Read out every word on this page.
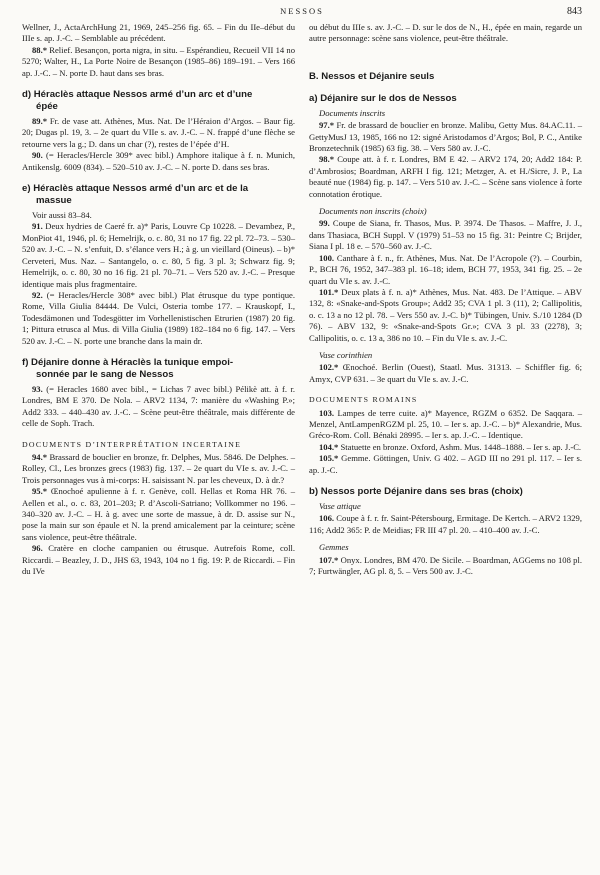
NESSOS	843

Wellner, J., ActaArchHung 21, 1969, 245–256 fig. 65. – Fin du IIe–début du IIIe s. ap. J.-C. – Semblable au précédent.

88.* Relief. Besançon, porta nigra, in situ. – Espérandieu, Recueil VII 14 no 5270; Walter, H., La Porte Noire de Besançon (1985–86) 189–191. – Vers 166 ap. J.-C. – N. porte D. haut dans ses bras.

d) Héraclès attaque Nessos armé d’un arc et d’une
épée

89.* Fr. de vase att. Athènes, Mus. Nat. De l’Héraion d’Argos. – Baur fig. 20; Dugas pl. 19, 3. – 2e quart du VIIe s. av. J.-C. – N. frappé d’une flèche se retourne vers la g.; D. dans un char (?), restes de l’épée d’H.

90. (= Heracles/Hercle 309* avec bibl.) Amphore italique à f. n. Munich, Antikenslg. 6009 (834). – 520–510 av. J.-C. – N. porte D. dans ses bras.

e) Héraclès attaque Nessos armé d’un arc et de la
massue

Voir aussi 83–84.

91. Deux hydries de Caeré fr. a)* Paris, Louvre Cp 10228. – Devambez, P., MonPiot 41, 1946, pl. 6; Hemelrijk, o. c. 80, 31 no 17 fig. 22 pl. 72–73. – 530–520 av. J.-C. – N. s’enfuit, D. s’élance vers H.; à g. un vieillard (Oineus). – b)* Cerveteri, Mus. Naz. – Santangelo, o. c. 80, 5 fig. 3 pl. 3; Schwarz fig. 9; Hemelrijk, o. c. 80, 30 no 16 fig. 21 pl. 70–71. – Vers 520 av. J.-C. – Presque identique mais plus fragmentaire.

92. (= Heracles/Hercle 308* avec bibl.) Plat étrusque du type pontique. Rome, Villa Giulia 84444. De Vulci, Osteria tombe 177. – Krauskopf, I., Todesdämonen und Todesgötter im Vorhellenistischen Etrurien (1987) 20 fig. 1; Pittura etrusca al Mus. di Villa Giulia (1989) 182–184 no 6 fig. 147. – Vers 520 av. J.-C. – N. porte une branche dans la main dr.

f) Déjanire donne à Héraclès la tunique empoi-
sonnée par le sang de Nessos

93. (= Heracles 1680 avec bibl., = Lichas 7 avec bibl.) Pélikè att. à f. r. Londres, BM E 370. De Nola. – ARV2 1134, 7: manière du «Washing P.»; Add2 333. – 440–430 av. J.-C. – Scène peut-être théâtrale, mais différente de celle de Soph. Trach.

DOCUMENTS D’INTERPRÉTATION INCERTAINE

94.* Brassard de bouclier en bronze, fr. Delphes, Mus. 5846. De Delphes. – Rolley, Cl., Les bronzes grecs (1983) fig. 137. – 2e quart du VIe s. av. J.-C. – Trois personnages vus à mi-corps: H. saisissant N. par les cheveux, D. à dr.?

95.* Œnochoé apulienne à f. r. Genève, coll. Hellas et Roma HR 76. – Aellen et al., o. c. 83, 201–203; P. d’Ascoli-Satriano; Vollkommer no 196. – 340–320 av. J.-C. – H. à g. avec une sorte de massue, à dr. D. assise sur N., pose la main sur son épaule et N. la prend amicalement par la ceinture; scène sans violence, peut-être théâtrale.

96. Cratère en cloche campanien ou étrusque. Autrefois Rome, coll. Riccardi. – Beazley, J. D., JHS 63, 1943, 104 no 1 fig. 19: P. de Riccardi. – Fin du IVe

ou début du IIIe s. av. J.-C. – D. sur le dos de N., H., épée en main, regarde un autre personnage: scène sans violence, peut-être théâtrale.

B. Nessos et Déjanire seuls
a) Déjanire sur le dos de Nessos
Documents inscrits

97.* Fr. de brassard de bouclier en bronze. Malibu, Getty Mus. 84.AC.11. – GettyMusJ 13, 1985, 166 no 12: signé Aristodamos d’Argos; Bol, P. C., Antike Bronzetechnik (1985) 63 fig. 38. – Vers 580 av. J.-C.

98.* Coupe att. à f. r. Londres, BM E 42. – ARV2 174, 20; Add2 184: P. d’Ambrosios; Boardman, ARFH I fig. 121; Metzger, A. et H./Sicre, J. P., La beauté nue (1984) fig. p. 147. – Vers 510 av. J.-C. – Scène sans violence à forte connotation érotique.

Documents non inscrits (choix)

99. Coupe de Siana, fr. Thasos, Mus. P. 3974. De Thasos. – Maffre, J. J., dans Thasiaca, BCH Suppl. V (1979) 51–53 no 15 fig. 31: Peintre C; Brijder, Siana I pl. 18 e. – 570–560 av. J.-C.

100. Canthare à f. n., fr. Athènes, Mus. Nat. De l’Acropole (?). – Courbin, P., BCH 76, 1952, 347–383 pl. 16–18; idem, BCH 77, 1953, 341 fig. 25. – 2e quart du VIe s. av. J.-C.

101.* Deux plats à f. n. a)* Athènes, Mus. Nat. 483. De l’Attique. – ABV 132, 8: «Snake-and-Spots Group»; Add2 35; CVA 1 pl. 3 (11), 2; Callipolitis, o. c. 13 a no 12 pl. 78. – Vers 550 av. J.-C. b)* Tübingen, Univ. S./10 1284 (D 76). – ABV 132, 9: «Snake-and-Spots Gr.»; CVA 3 pl. 33 (2278), 3; Callipolitis, o. c. 13 a, 386 no 10. – Fin du VIe s. av. J.-C.

Vase corinthien

102.* Œnochoé. Berlin (Ouest), Staatl. Mus. 31313. – Schiffler fig. 6; Amyx, CVP 631. – 3e quart du VIe s. av. J.-C.

DOCUMENTS ROMAINS

103. Lampes de terre cuite. a)* Mayence, RGZM o 6352. De Saqqara. – Menzel, AntLampenRGZM pl. 25, 10. – Ier s. ap. J.-C. – b)* Alexandrie, Mus. Gréco-Rom. Coll. Bénaki 28995. – Ier s. ap. J.-C. – Identique.

104.* Statuette en bronze. Oxford, Ashm. Mus. 1448–1888. – Ier s. ap. J.-C.

105.* Gemme. Göttingen, Univ. G 402. – AGD III no 291 pl. 117. – Ier s. ap. J.-C.

b) Nessos porte Déjanire dans ses bras (choix)
Vase attique

106. Coupe à f. r. fr. Saint-Pétersbourg, Ermitage. De Kertch. – ARV2 1329, 116; Add2 365: P. de Meidias; FR III 47 pl. 20. – 410–400 av. J.-C.

Gemmes

107.* Onyx. Londres, BM 470. De Sicile. – Boardman, AGGems no 108 pl. 7; Furtwängler, AG pl. 8, 5. – Vers 500 av. J.-C.
